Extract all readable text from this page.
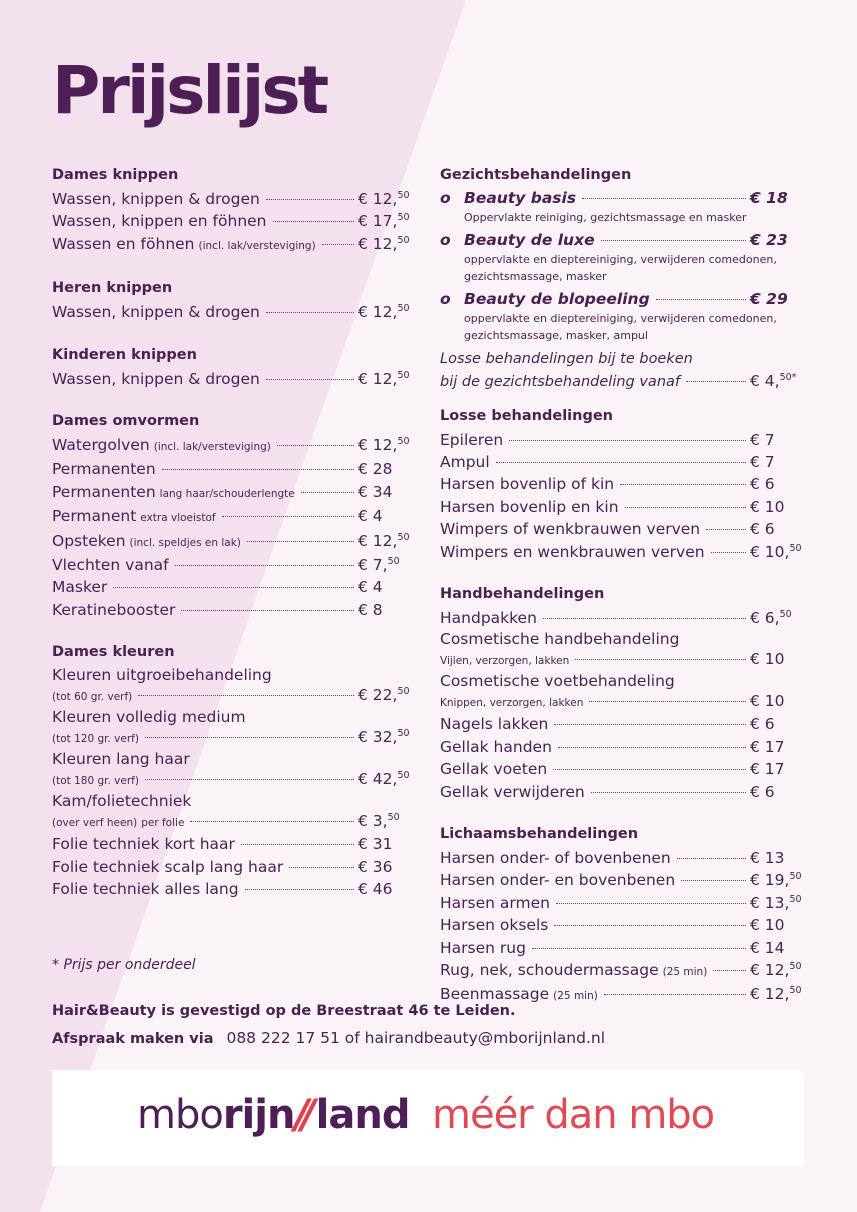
Prijslijst
Dames knippen
Wassen, knippen & drogen	€ 12,50
Wassen, knippen en föhnen	€ 17,50
Wassen en föhnen (incl. lak/versteviging)	€ 12,50
Heren knippen
Wassen, knippen & drogen	€ 12,50
Kinderen knippen
Wassen, knippen & drogen	€ 12,50
Dames omvormen
Watergolven (incl. lak/versteviging)	€ 12,50
Permanenten	€ 28
Permanenten lang haar/schouderlengte	€ 34
Permanent extra vloeistof	€ 4
Opsteken (incl. speldjes en lak)	€ 12,50
Vlechten vanaf	€ 7,50
Masker	€ 4
Keratinebooster	€ 8
Dames kleuren
Kleuren uitgroeibehandeling
(tot 60 gr. verf)	€ 22,50
Kleuren volledig medium
(tot 120 gr. verf)	€ 32,50
Kleuren lang haar
(tot 180 gr. verf)	€ 42,50
Kam/folietechniek
(over verf heen) per folie	€ 3,50
Folie techniek kort haar	€ 31
Folie techniek scalp lang haar	€ 36
Folie techniek alles lang	€ 46
Gezichtsbehandelingen
o Beauty basis	€ 18
Oppervlakte reiniging, gezichtsmassage en masker
o Beauty de luxe	€ 23
oppervlakte en dieptereiniging, verwijderen comedonen,
gezichtsmassage, masker
o Beauty de blopeeling	€ 29
oppervlakte en dieptereiniging, verwijderen comedonen,
gezichtsmassage, masker, ampul
Losse behandelingen bij te boeken
bij de gezichtsbehandeling vanaf	€ 4,$^{50*}$
Losse behandelingen
Epileren	€ 7
Ampul	€ 7
Harsen bovenlip of kin	€ 6
Harsen bovenlip en kin	€ 10
Wimpers of wenkbrauwen verven	€ 6
Wimpers en wenkbrauwen verven	€ 10,50
Handbehandelingen
Handpakken	€ 6,50
Cosmetische handbehandeling
Vijlen, verzorgen, lakken	€ 10
Cosmetische voetbehandeling
Knippen, verzorgen, lakken	€ 10
Nagels lakken	€ 6
Gellak handen	€ 17
Gellak voeten	€ 17
Gellak verwijderen	€ 6
Lichaamsbehandelingen
Harsen onder- of bovenbenen	€ 13
Harsen onder- en bovenbenen	€ 19,50
Harsen armen	€ 13,50
Harsen oksels	€ 10
Harsen rug	€ 14
Rug, nek, schoudermassage (25 min)	€ 12,50
Beenmassage (25 min)	€ 12,50
* Prijs per onderdeel
Hair&Beauty is gevestigd op de Breestraat 46 te Leiden.
Afspraak maken via 088 222 17 51 of hairandbeauty@mborijnland.nl
mborijn// land méér dan mbo
